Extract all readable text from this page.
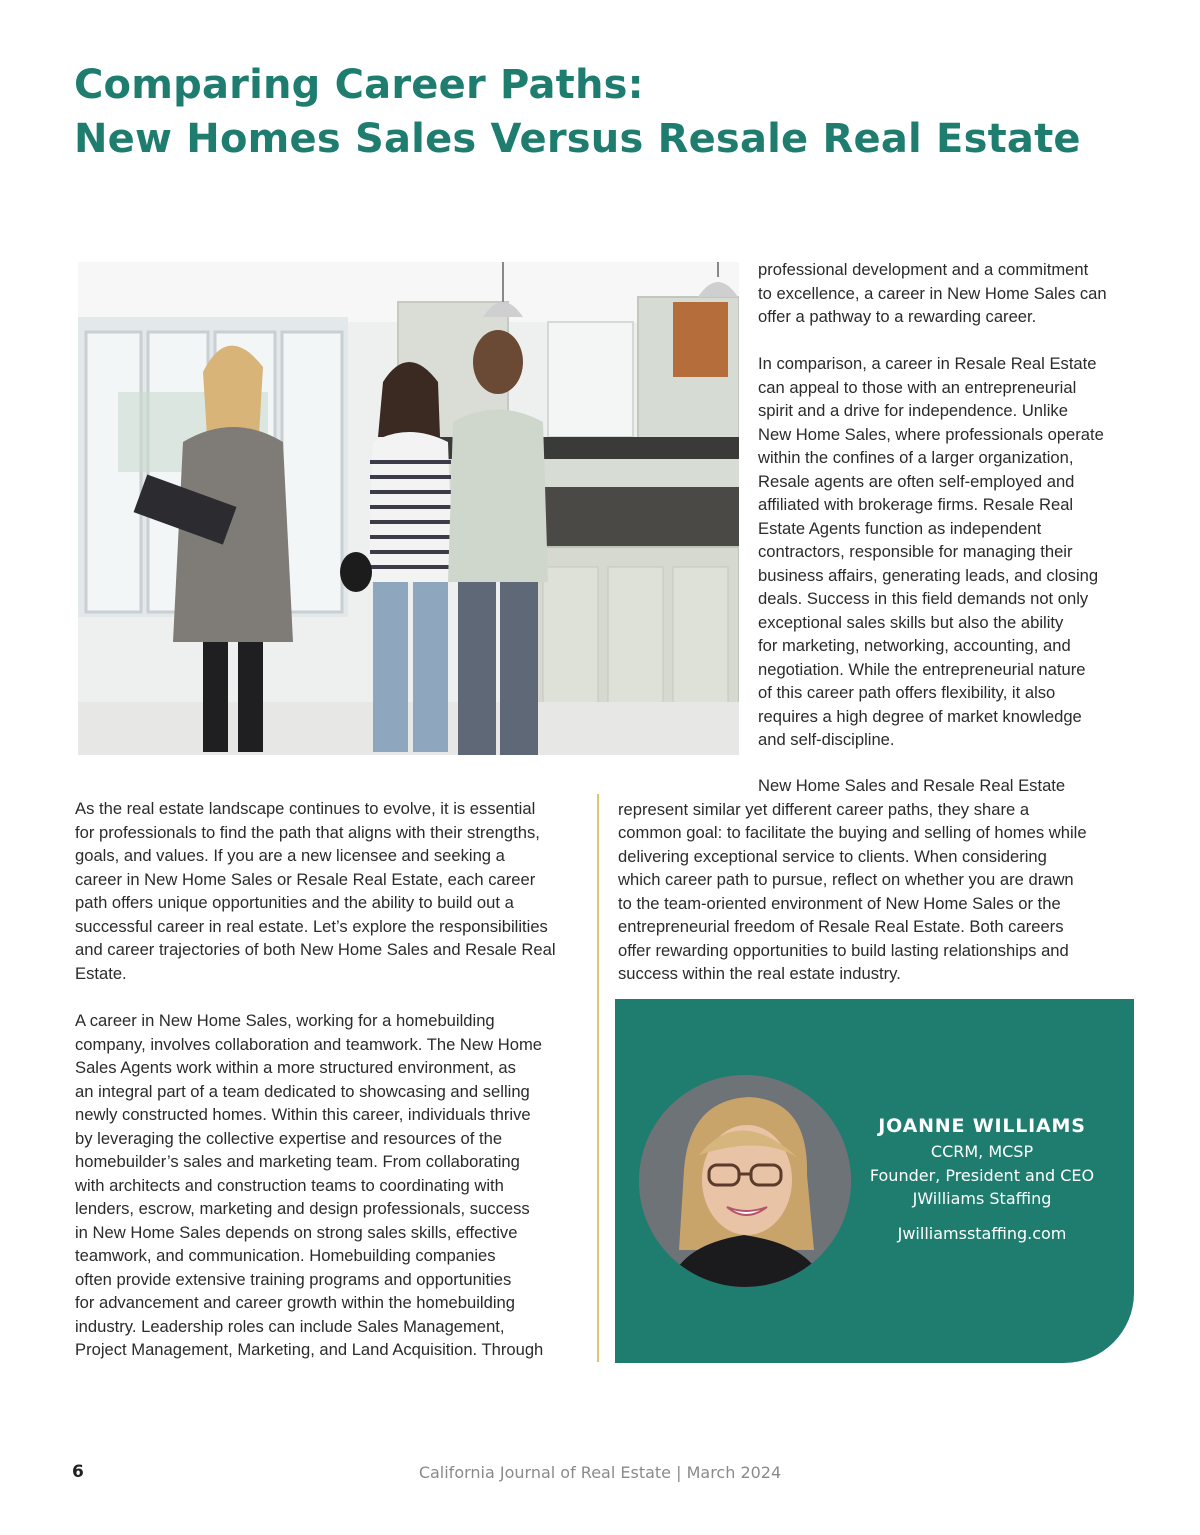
Comparing Career Paths:
New Homes Sales Versus Resale Real Estate

professional development and a commitment
to excellence, a career in New Home Sales can
offer a pathway to a rewarding career.

In comparison, a career in Resale Real Estate
can appeal to those with an entrepreneurial
spirit and a drive for independence. Unlike
New Home Sales, where professionals operate
within the confines of a larger organization,
Resale agents are often self-employed and
affiliated with brokerage firms. Resale Real
Estate Agents function as independent
contractors, responsible for managing their
business affairs, generating leads, and closing
deals. Success in this field demands not only
exceptional sales skills but also the ability
for marketing, networking, accounting, and
negotiation. While the entrepreneurial nature
of this career path offers flexibility, it also
requires a high degree of market knowledge
and self-discipline.

As the real estate landscape continues to evolve, it is essential
for professionals to find the path that aligns with their strengths,
goals, and values. If you are a new licensee and seeking a
career in New Home Sales or Resale Real Estate, each career
path offers unique opportunities and the ability to build out a
successful career in real estate. Let’s explore the responsibilities
and career trajectories of both New Home Sales and Resale Real
Estate.

A career in New Home Sales, working for a homebuilding
company, involves collaboration and teamwork. The New Home
Sales Agents work within a more structured environment, as
an integral part of a team dedicated to showcasing and selling
newly constructed homes. Within this career, individuals thrive
by leveraging the collective expertise and resources of the
homebuilder’s sales and marketing team. From collaborating
with architects and construction teams to coordinating with
lenders, escrow, marketing and design professionals, success
in New Home Sales depends on strong sales skills, effective
teamwork, and communication. Homebuilding companies
often provide extensive training programs and opportunities
for advancement and career growth within the homebuilding
industry. Leadership roles can include Sales Management,
Project Management, Marketing, and Land Acquisition. Through

New Home Sales and Resale Real Estate
represent similar yet different career paths, they share a
common goal: to facilitate the buying and selling of homes while
delivering exceptional service to clients. When considering
which career path to pursue, reflect on whether you are drawn
to the team-oriented environment of New Home Sales or the
entrepreneurial freedom of Resale Real Estate. Both careers
offer rewarding opportunities to build lasting relationships and
success within the real estate industry.

JOANNE WILLIAMS
CCRM, MCSP
Founder, President and CEO
JWilliams Staffing
Jwilliamsstaffing.com
6	California Journal of Real Estate | March 2024
